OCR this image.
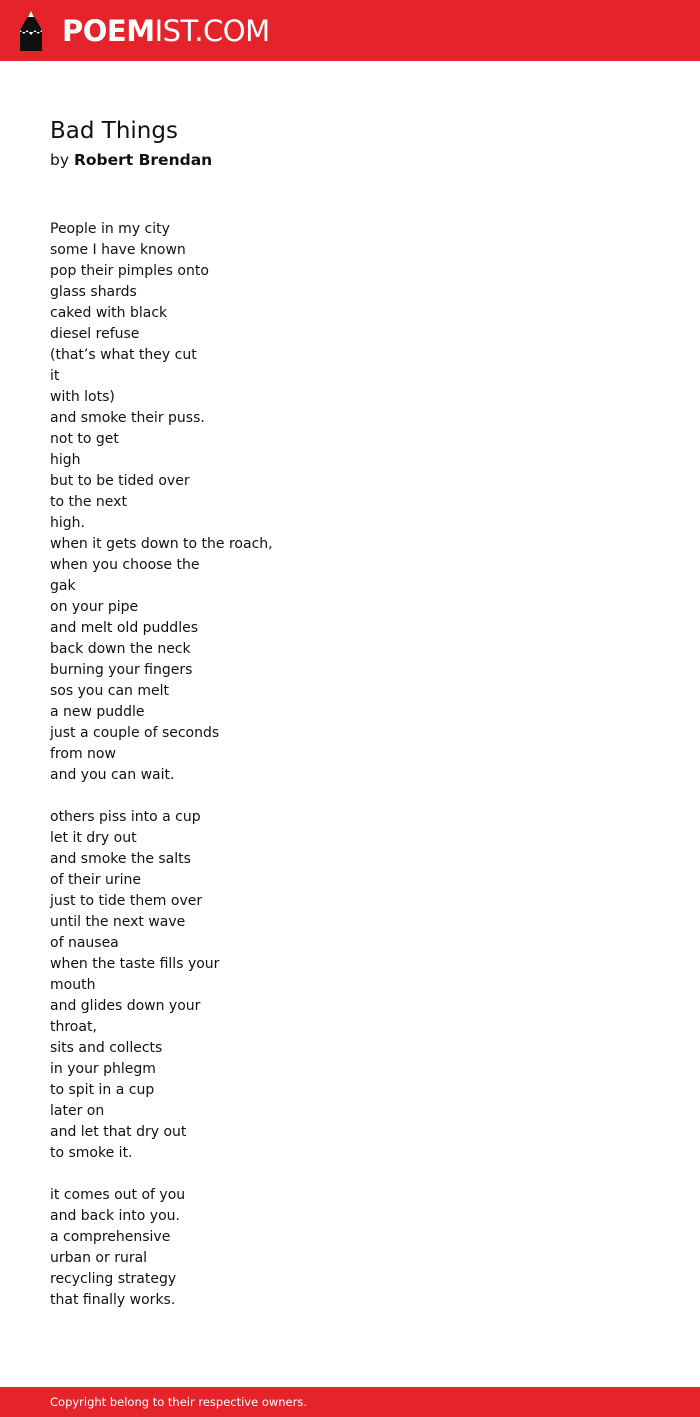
POEMIST.COM
Bad Things
by Robert Brendan
People in my city
some I have known
pop their pimples onto
glass shards
caked with black
diesel refuse
(that’s what they cut
it
with lots)
and smoke their puss.
not to get
high
but to be tided over
to the next
high.
when it gets down to the roach,
when you choose the
gak
on your pipe
and melt old puddles
back down the neck
burning your fingers
sos you can melt
a new puddle
just a couple of seconds
from now
and you can wait.
others piss into a cup
let it dry out
and smoke the salts
of their urine
just to tide them over
until the next wave
of nausea
when the taste fills your
mouth
and glides down your
throat,
sits and collects
in your phlegm
to spit in a cup
later on
and let that dry out
to smoke it.
it comes out of you
and back into you.
a comprehensive
urban or rural
recycling strategy
that finally works.
Copyright belong to their respective owners.
